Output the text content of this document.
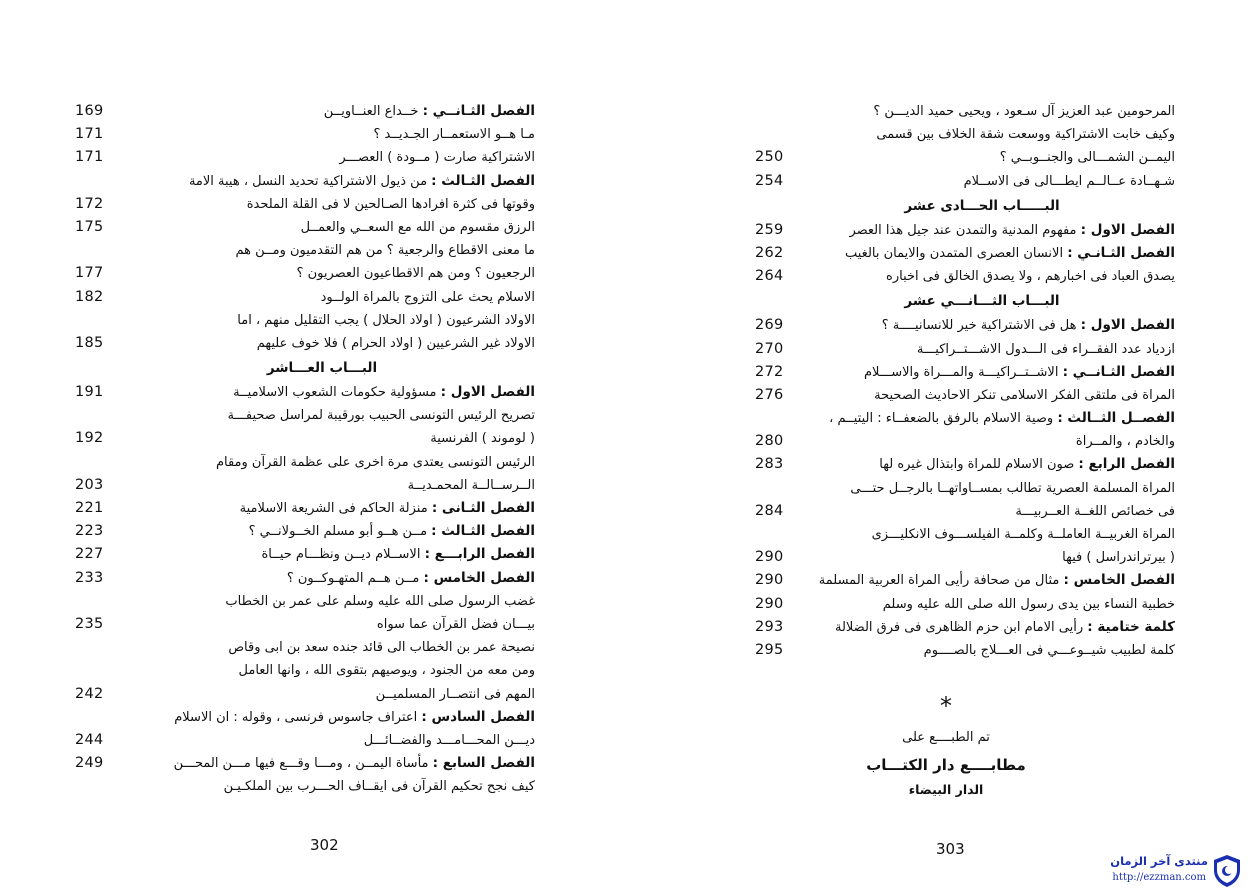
169	الفصل الثـانــي : خــداع العنــاويــن
171	مـا هــو الاستعمــار الجـديــد ؟
171	الاشتراكية صارت ( مــودة ) العصـــر
الفصل الثـالث : من ذيول الاشتراكية تحديد النسل ، هيبة الامة
172	وقوتها فى كثرة افرادها الصـالحين لا فى القلة الملحدة
175	الرزق مقسوم من الله مع السعــي والعمــل
ما معنى الاقطاع والرجعية ؟ من هم التقدميون ومــن هم
177	الرجعيون ؟ ومن هم الاقطاعيون العصريون ؟
182	الاسلام يحث على التزوج بالمراة الولــود
الاولاد الشرعيون ( اولاد الحلال ) يجب التقليل منهم ، اما
185	الاولاد غير الشرعيين ( اولاد الحرام ) فلا خوف عليهم
البـــاب العـــاشر
191	الفصل الاول : مسؤولية حكومات الشعوب الاسلاميــة
تصريح الرئيس التونسى الحبيب بورقيبة لمراسل صحيفـــة
192	( لوموند ) الفرنسية
الرئيس التونسى يعتدى مرة اخرى على عظمة القرآن ومقام
203	الــرســالــة المحمـديــة
221	الفصل الثـانى : منزلة الحاكم فى الشريعة الاسلامية
223	الفصل الثـالث : مــن هــو أبو مسلم الخــولانــي ؟
227	الفصل الرابـــع : الاســلام ديــن ونظـــام حيــاة
233	الفصل الخامس : مــن هــم المتهـوكــون ؟
غضب الرسول صلى الله عليه وسلم على عمر بن الخطاب
235	بيـــان فضل القرآن عما سواه
نصيحة عمر بن الخطاب الى قائد جنده سعد بن ابى وقاص
ومن معه من الجنود ، ويوصيهم بتقوى الله ، وانها العامل
242	المهم فى انتصــار المسلميــن
الفصل السادس : اعتراف جاسوس فرنسى ، وقوله : ان الاسلام
244	ديـــن المحـــامـــد والفضــائـــل
249	الفصل السابع : مأساة اليمــن ، ومـــا وقـــع فيها مـــن المحـــن
كيف نجح تحكيم القرآن فى ايقــاف الحـــرب بين الملكـيـن
302
المرحومين عبد العزيز آل سـعود ، ويحيى حميد الديـــن ؟
وكيف خابت الاشتراكية ووسعت شقة الخلاف بين قسمى
250	اليمــن الشمـــالى والجنــوبــي ؟
254	شـهــادة عــالــم ايطـــالى فى الاســلام
البـــــاب الحـــادى عشر
259	الفصل الاول : مفهوم المدنية والتمدن عند جيل هذا العصر
262	الفصل الثـانـي : الانسان العصرى المتمدن والايمان بالغيب
264	يصدق العباد فى اخبارهم ، ولا يصدق الخالق فى اخباره
البـــاب الثـــانـــي عشر
269	الفصل الاول : هل فى الاشتراكية خير للانسانيــــة ؟
270	ازدياد عدد الفقــراء فى الـــدول الاشـــتــراكيـــة
272	الفصل الثـانــي : الاشــتــراكيـــة والمـــراة والاســـلام
276	المراة فى ملتقى الفكر الاسلامى تنكر الاحاديث الصحيحة
الفصــل الثــالث : وصية الاسلام بالرفق بالضعفــاء : اليتيــم ،
280	والخادم ، والمــراة
283	الفصل الرابع : صون الاسلام للمراة وابتذال غيره لها
المراة المسلمة العصرية تطالب بمســاواتهــا بالرجــل حتـــى
284	فى خصائص اللغــة العــربيـــة
المراة الغربيــة العاملــة وكلمــة الفيلســـوف الانكليـــزى
290	( بيرتراندراسل ) فيها
290	الفصل الخامس : مثال من صحافة رأيى المراة العربية المسلمة
290	خطبية النساء بين يدى رسول الله صلى الله عليه وسلم
293	كلمة ختامية : رأيى الامام ابن حزم الظاهرى فى فرق الضلالة
295	كلمة لطبيب شيــوعـــي فى العـــلاج بالصــــوم
*
تم الطبــــع على
مطابــــع دار الكتـــاب
الدار البيضاء
303
منتدى آخر الزمان
http://ezzman.com
